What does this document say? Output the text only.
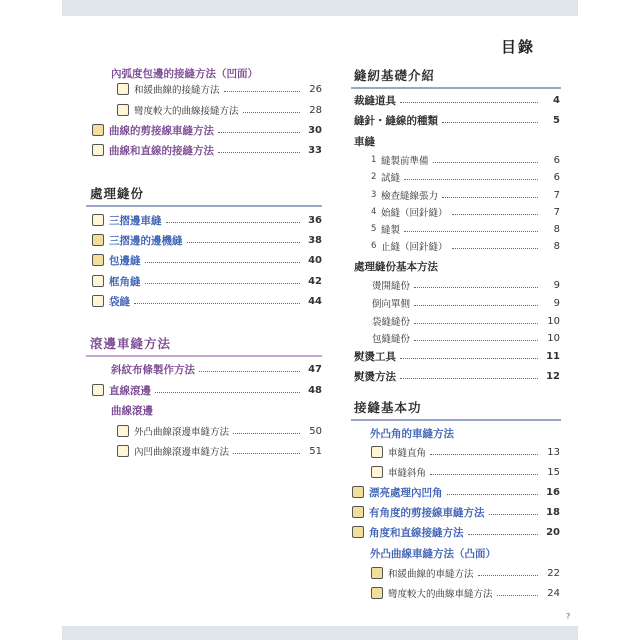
目錄
內弧度包邊的接縫方法（凹面）
和緩曲線的接縫方法	26
彎度較大的曲線接縫方法	28
曲線的剪接線車縫方法	30
曲線和直線的接縫方法	33
處理縫份
三摺邊車縫	36
三摺邊的邊機縫	38
包邊縫	40
框角縫	42
袋縫	44
滾邊車縫方法
斜紋布條製作方法	47
直線滾邊	48
曲線滾邊
外凸曲線滾邊車縫方法	50
內凹曲線滾邊車縫方法	51
縫紉基礎介紹
裁縫道具	4
縫針・縫線的種類	5
車縫
1 縫製前準備	6
2 試縫	6
3 檢查縫線張力	7
4 始縫（回針縫）	7
5 縫製	8
6 止縫（回針縫）	8
處理縫份基本方法
燙開縫份	9
倒向單側	9
袋縫縫份	10
包縫縫份	10
熨燙工具	11
熨燙方法	12
接縫基本功
外凸角的車縫方法
車縫直角	13
車縫斜角	15
漂亮處理內凹角	16
有角度的剪接線車縫方法	18
角度和直線接縫方法	20
外凸曲線車縫方法（凸面）
和緩曲線的車縫方法	22
彎度較大的曲線車縫方法	24
?
